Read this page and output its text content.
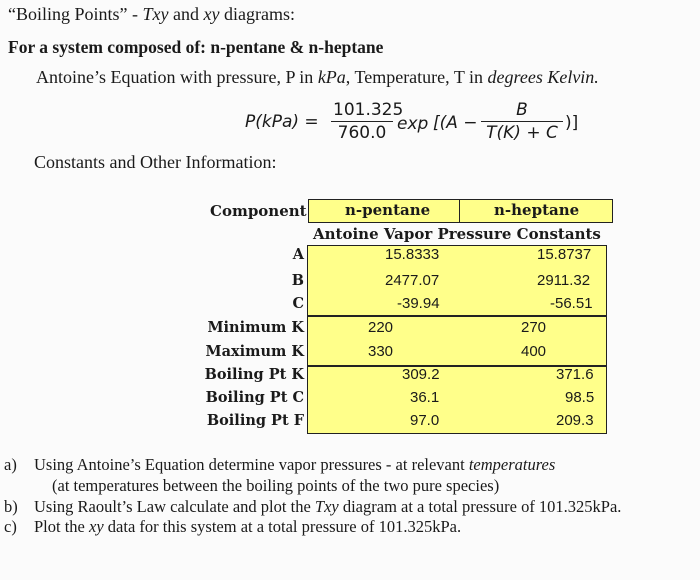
“Boiling Points” - Txy and xy diagrams:
For a system composed of: n-pentane & n-heptane
Antoine’s Equation with pressure, P in kPa, Temperature, T in degrees Kelvin.
$P(kPa) = \frac{101.325}{760.0}$ $\exp [(A - \frac{B}{T(K) + C}$ )]
Constants and Other Information:
Component	n-pentane	n-heptane
Antoine Vapor Pressure Constants
A
B
C
Minimum K
Maximum K
Boiling Pt K
Boiling Pt C
Boiling Pt F
15.8333
2477.07
-39.94
220
330
309.2
36.1
97.0
15.8737
2911.32
-56.51
270
400
371.6
98.5
209.3
a) Using Antoine’s Equation determine vapor pressures - at relevant temperatures
(at temperatures between the boiling points of the two pure species)
b) Using Raoult’s Law calculate and plot the Txy diagram at a total pressure of 101.325kPa.
c) Plot the xy data for this system at a total pressure of 101.325kPa.
